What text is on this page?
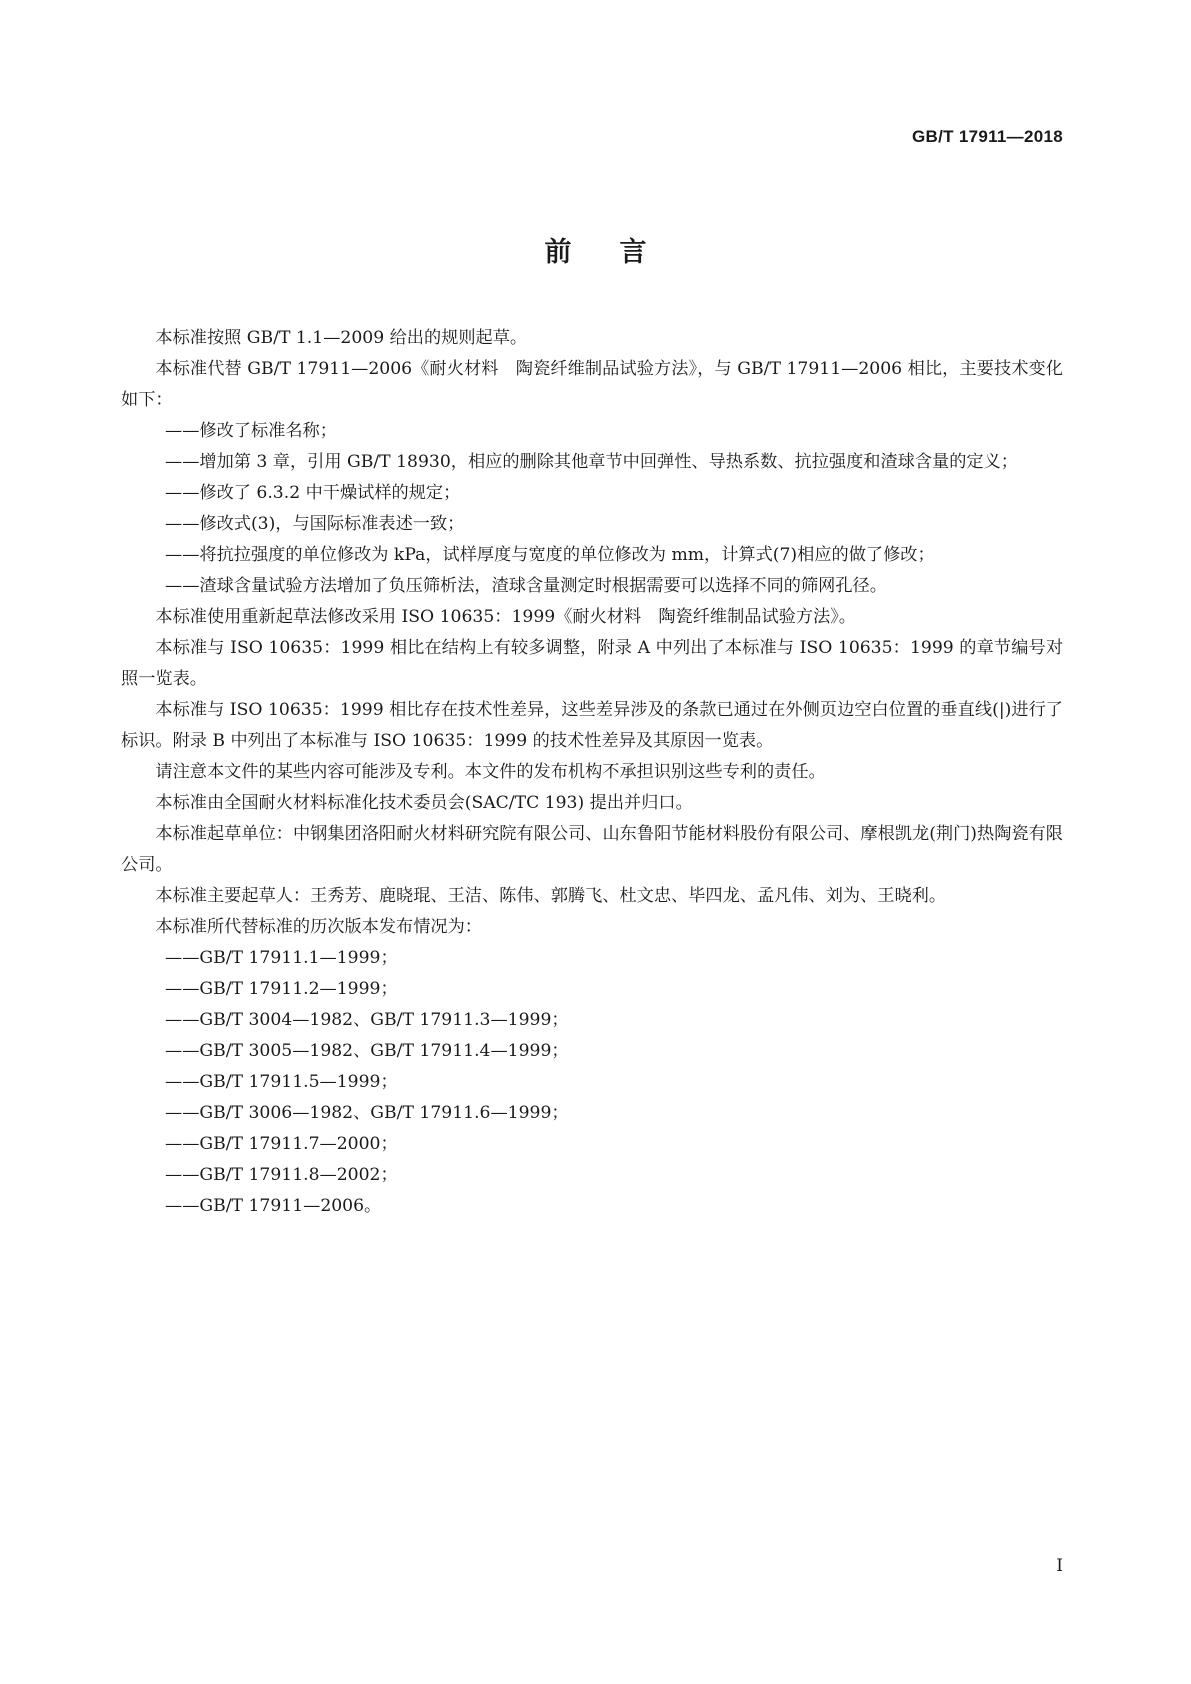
GB/T 17911—2018
前言

本标准按照 GB/T 1.1—2009 给出的规则起草。

本标准代替 GB/T 17911—2006《耐火材料　陶瓷纤维制品试验方法》，与 GB/T 17911—2006 相比，主要技术变化如下：

——修改了标准名称；

——增加第 3 章，引用 GB/T 18930，相应的删除其他章节中回弹性、导热系数、抗拉强度和渣球含量的定义；

——修改了 6.3.2 中干燥试样的规定；

——修改式(3)，与国际标准表述一致；

——将抗拉强度的单位修改为 kPa，试样厚度与宽度的单位修改为 mm，计算式(7)相应的做了修改；

——渣球含量试验方法增加了负压筛析法，渣球含量测定时根据需要可以选择不同的筛网孔径。

本标准使用重新起草法修改采用 ISO 10635：1999《耐火材料　陶瓷纤维制品试验方法》。

本标准与 ISO 10635：1999 相比在结构上有较多调整，附录 A 中列出了本标准与 ISO 10635：1999 的章节编号对照一览表。

本标准与 ISO 10635：1999 相比存在技术性差异，这些差异涉及的条款已通过在外侧页边空白位置的垂直线(|)进行了标识。附录 B 中列出了本标准与 ISO 10635：1999 的技术性差异及其原因一览表。

请注意本文件的某些内容可能涉及专利。本文件的发布机构不承担识别这些专利的责任。

本标准由全国耐火材料标准化技术委员会(SAC/TC 193) 提出并归口。

本标准起草单位：中钢集团洛阳耐火材料研究院有限公司、山东鲁阳节能材料股份有限公司、摩根凯龙(荆门)热陶瓷有限公司。

本标准主要起草人：王秀芳、鹿晓琨、王洁、陈伟、郭腾飞、杜文忠、毕四龙、孟凡伟、刘为、王晓利。

本标准所代替标准的历次版本发布情况为：

——GB/T 17911.1—1999；

——GB/T 17911.2—1999；

——GB/T 3004—1982、GB/T 17911.3—1999；

——GB/T 3005—1982、GB/T 17911.4—1999；

——GB/T 17911.5—1999；

——GB/T 3006—1982、GB/T 17911.6—1999；

——GB/T 17911.7—2000；

——GB/T 17911.8—2002；

——GB/T 17911—2006。

I
